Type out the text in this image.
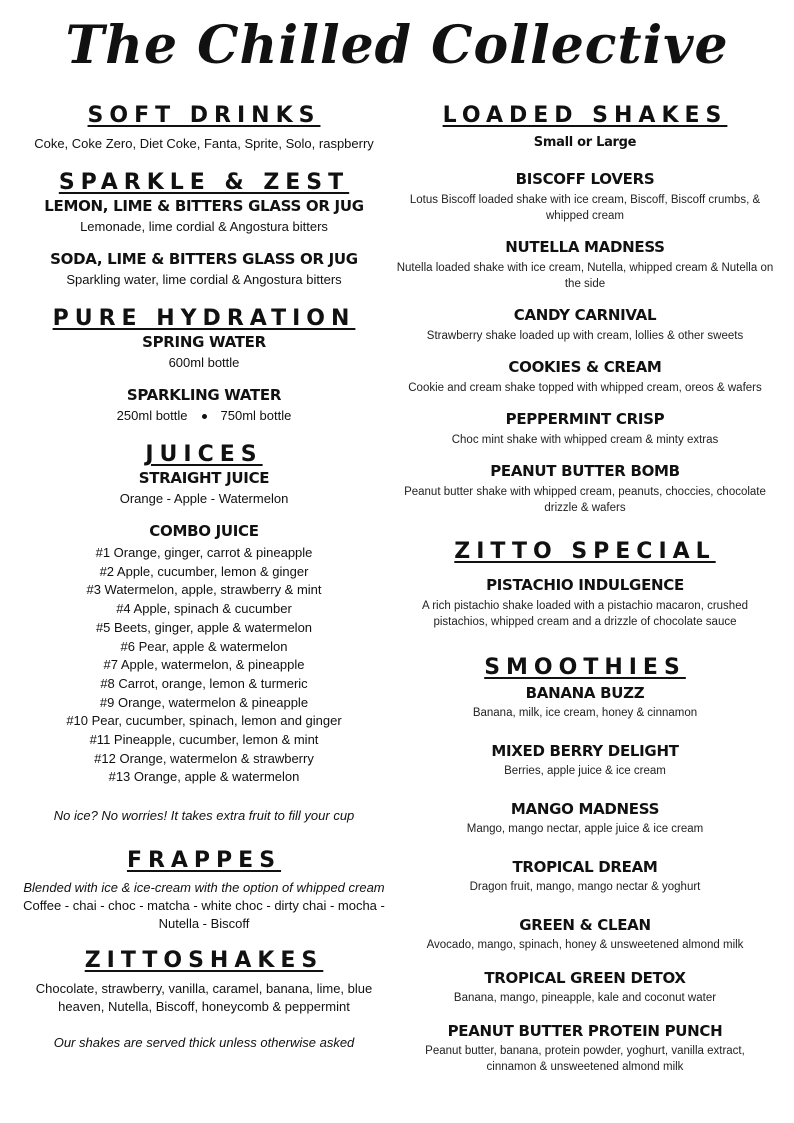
The Chilled Collective
SOFT DRINKS
Coke, Coke Zero, Diet Coke, Fanta, Sprite, Solo, raspberry
SPARKLE & ZEST
LEMON, LIME & BITTERS GLASS OR JUG
Lemonade, lime cordial & Angostura bitters
SODA, LIME & BITTERS GLASS OR JUG
Sparkling water, lime cordial & Angostura bitters
PURE HYDRATION
SPRING WATER
600ml bottle
SPARKLING WATER
250ml bottle	750ml bottle
JUICES
STRAIGHT JUICE
Orange - Apple - Watermelon
COMBO JUICE
#1 Orange, ginger, carrot & pineapple
#2 Apple, cucumber, lemon & ginger
#3 Watermelon, apple, strawberry & mint
#4 Apple, spinach & cucumber
#5 Beets, ginger, apple & watermelon
#6 Pear, apple & watermelon
#7 Apple, watermelon, & pineapple
#8 Carrot, orange, lemon & turmeric
#9 Orange, watermelon & pineapple
#10 Pear, cucumber, spinach, lemon and ginger
#11 Pineapple, cucumber, lemon & mint
#12 Orange, watermelon & strawberry
#13 Orange, apple & watermelon
No ice? No worries! It takes extra fruit to fill your cup
FRAPPES
Blended with ice & ice-cream with the option of whipped cream
Coffee - chai - choc - matcha - white choc - dirty chai - mocha - Nutella - Biscoff
ZITTOSHAKES
Chocolate, strawberry, vanilla, caramel, banana, lime, blue heaven, Nutella, Biscoff, honeycomb & peppermint
Our shakes are served thick unless otherwise asked
LOADED SHAKES
Small or Large
BISCOFF LOVERS
Lotus Biscoff loaded shake with ice cream, Biscoff, Biscoff crumbs, & whipped cream
NUTELLA MADNESS
Nutella loaded shake with ice cream, Nutella, whipped cream & Nutella on the side
CANDY CARNIVAL
Strawberry shake loaded up with cream, lollies & other sweets
COOKIES & CREAM
Cookie and cream shake topped with whipped cream, oreos & wafers
PEPPERMINT CRISP
Choc mint shake with whipped cream & minty extras
PEANUT BUTTER BOMB
Peanut butter shake with whipped cream, peanuts, choccies, chocolate drizzle & wafers
ZITTO SPECIAL
PISTACHIO INDULGENCE
A rich pistachio shake loaded with a pistachio macaron, crushed pistachios, whipped cream and a drizzle of chocolate sauce
SMOOTHIES
BANANA BUZZ
Banana, milk, ice cream, honey & cinnamon
MIXED BERRY DELIGHT
Berries, apple juice & ice cream
MANGO MADNESS
Mango, mango nectar, apple juice & ice cream
TROPICAL DREAM
Dragon fruit, mango, mango nectar & yoghurt
GREEN & CLEAN
Avocado, mango, spinach, honey & unsweetened almond milk
TROPICAL GREEN DETOX
Banana, mango, pineapple, kale and coconut water
PEANUT BUTTER PROTEIN PUNCH
Peanut butter, banana, protein powder, yoghurt, vanilla extract, cinnamon & unsweetened almond milk
